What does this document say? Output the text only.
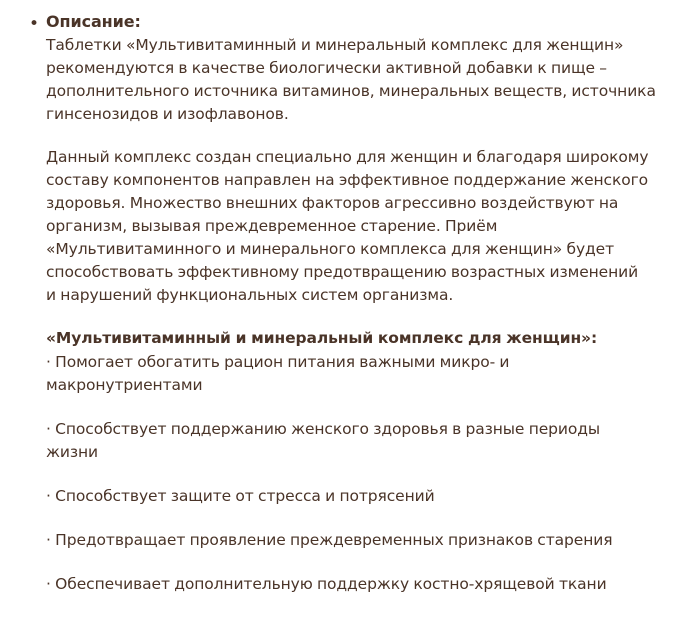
• Описание:

Таблетки «Мультивитаминный и минеральный комплекс для женщин»
рекомендуются в качестве биологически активной добавки к пище –
дополнительного источника витаминов, минеральных веществ, источника
гинсенозидов и изофлавонов.

Данный комплекс создан специально для женщин и благодаря широкому
составу компонентов направлен на эффективное поддержание женского
здоровья. Множество внешних факторов агрессивно воздействуют на
организм, вызывая преждевременное старение. Приём
«Мультивитаминного и минерального комплекса для женщин» будет
способствовать эффективному предотвращению возрастных изменений
и нарушений функциональных систем организма.

«Мультивитаминный и минеральный комплекс для женщин»:

· Помогает обогатить рацион питания важными микро- и
макронутриентами

· Способствует поддержанию женского здоровья в разные периоды
жизни

· Способствует защите от стресса и потрясений

· Предотвращает проявление преждевременных признаков старения

· Обеспечивает дополнительную поддержку костно-хрящевой ткани
